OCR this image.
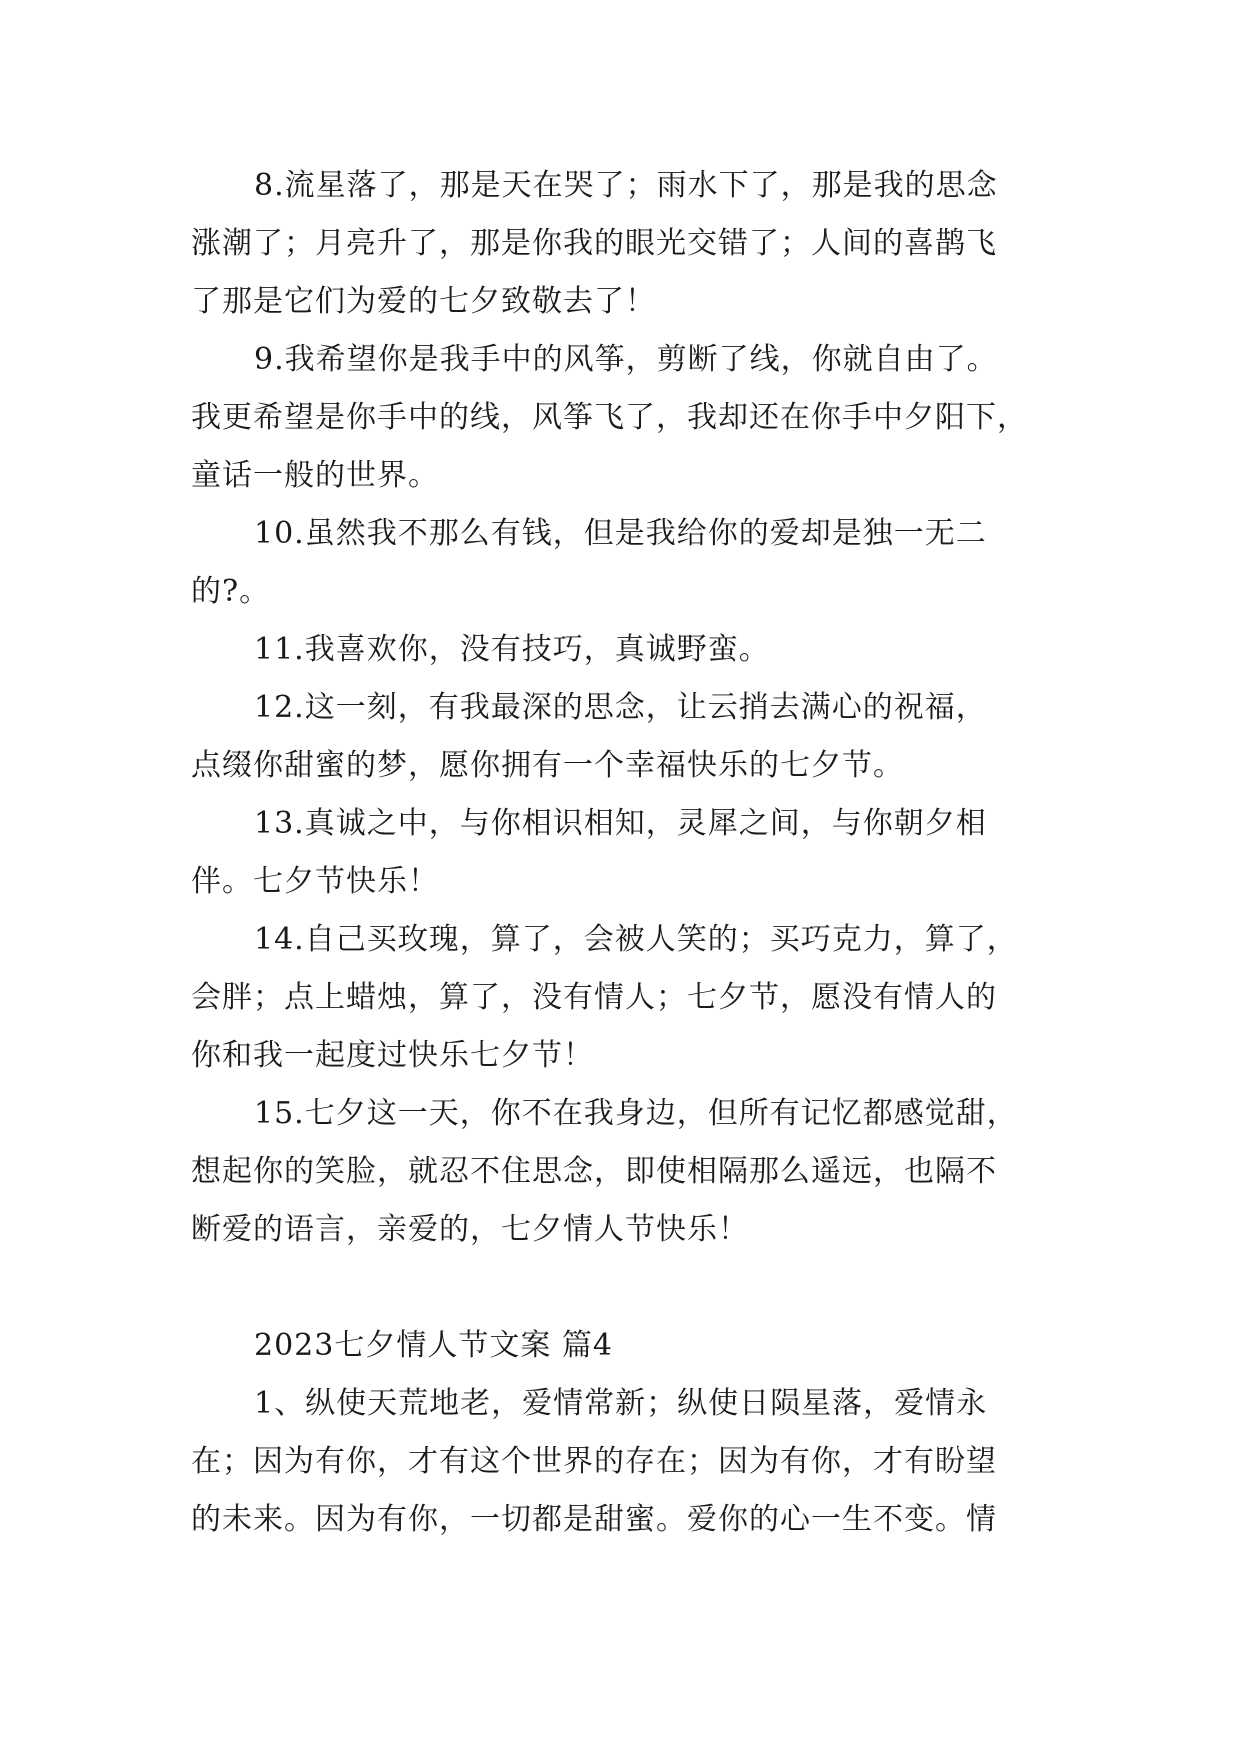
8.流星落了，那是天在哭了；雨水下了，那是我的思念

涨潮了；月亮升了，那是你我的眼光交错了；人间的喜鹊飞

了那是它们为爱的七夕致敬去了！

9.我希望你是我手中的风筝，剪断了线，你就自由了。

我更希望是你手中的线，风筝飞了，我却还在你手中夕阳下，

童话一般的世界。

10.虽然我不那么有钱，但是我给你的爱却是独一无二

的?。

11.我喜欢你，没有技巧，真诚野蛮。

12.这一刻，有我最深的思念，让云捎去满心的祝福，

点缀你甜蜜的梦，愿你拥有一个幸福快乐的七夕节。

13.真诚之中，与你相识相知，灵犀之间，与你朝夕相

伴。七夕节快乐！

14.自己买玫瑰，算了，会被人笑的；买巧克力，算了，

会胖；点上蜡烛，算了，没有情人；七夕节，愿没有情人的

你和我一起度过快乐七夕节！

15.七夕这一天，你不在我身边，但所有记忆都感觉甜，

想起你的笑脸，就忍不住思念，即使相隔那么遥远，也隔不

断爱的语言，亲爱的，七夕情人节快乐！

2023七夕情人节文案 篇4

1、纵使天荒地老，爱情常新；纵使日陨星落，爱情永

在；因为有你，才有这个世界的存在；因为有你，才有盼望

的未来。因为有你，一切都是甜蜜。爱你的心一生不变。情
